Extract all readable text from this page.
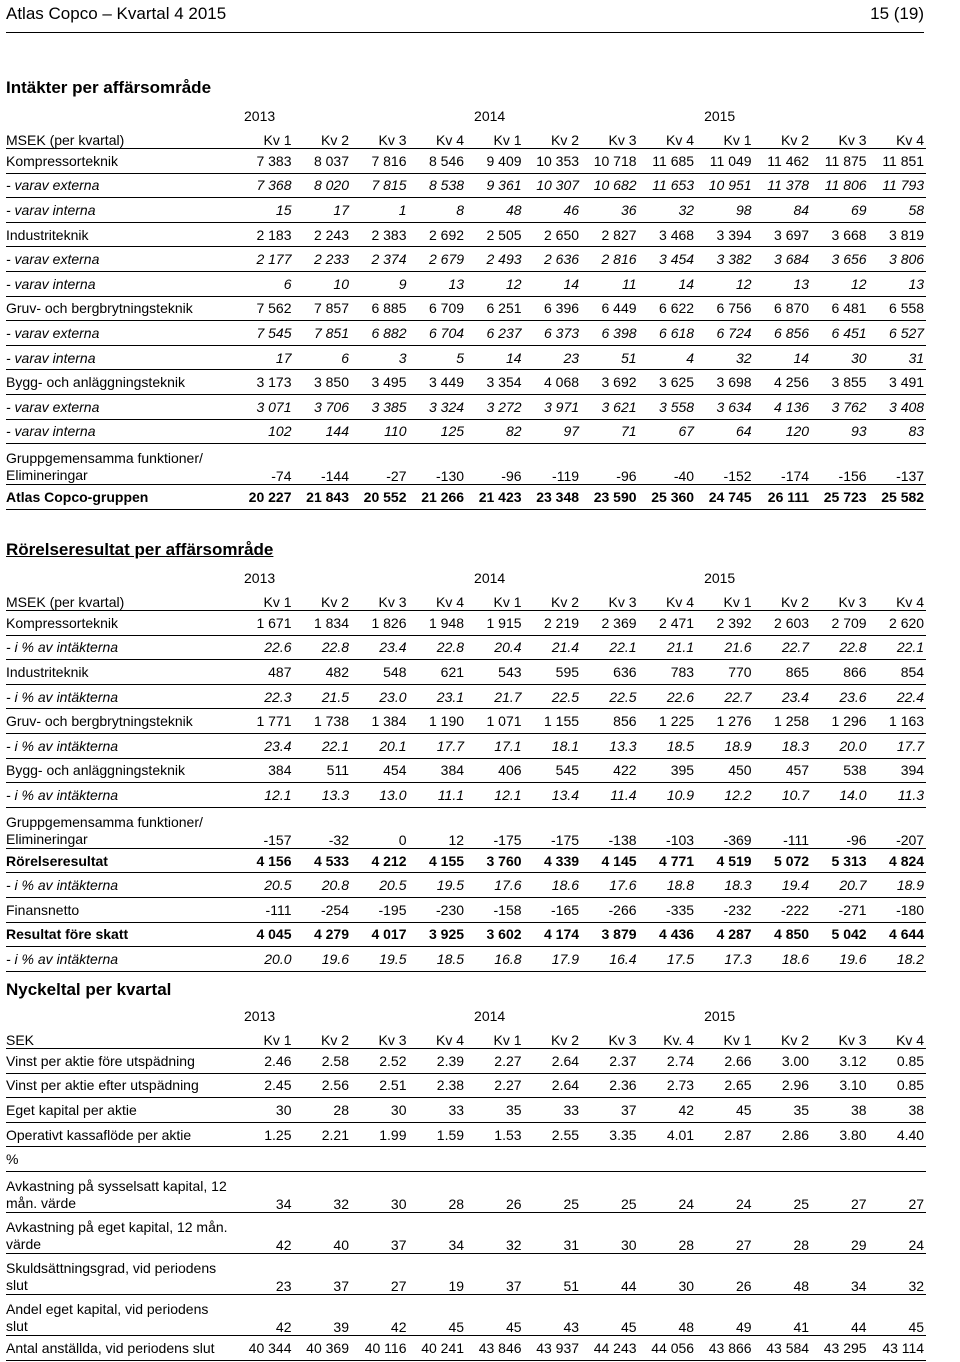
Atlas Copco – Kvartal 4 2015	15 (19)
Intäkter per affärsområde
	2013				2014				2015			
MSEK (per kvartal)	Kv 1	Kv 2	Kv 3	Kv 4	Kv 1	Kv 2	Kv 3	Kv 4	Kv 1	Kv 2	Kv 3	Kv 4
Kompressorteknik	7 383	8 037	7 816	8 546	9 409	10 353	10 718	11 685	11 049	11 462	11 875	11 851
- varav externa	7 368	8 020	7 815	8 538	9 361	10 307	10 682	11 653	10 951	11 378	11 806	11 793
- varav interna	15	17	1	8	48	46	36	32	98	84	69	58
Industriteknik	2 183	2 243	2 383	2 692	2 505	2 650	2 827	3 468	3 394	3 697	3 668	3 819
- varav externa	2 177	2 233	2 374	2 679	2 493	2 636	2 816	3 454	3 382	3 684	3 656	3 806
- varav interna	6	10	9	13	12	14	11	14	12	13	12	13
Gruv- och bergbrytningsteknik	7 562	7 857	6 885	6 709	6 251	6 396	6 449	6 622	6 756	6 870	6 481	6 558
- varav externa	7 545	7 851	6 882	6 704	6 237	6 373	6 398	6 618	6 724	6 856	6 451	6 527
- varav interna	17	6	3	5	14	23	51	4	32	14	30	31
Bygg- och anläggningsteknik	3 173	3 850	3 495	3 449	3 354	4 068	3 692	3 625	3 698	4 256	3 855	3 491
- varav externa	3 071	3 706	3 385	3 324	3 272	3 971	3 621	3 558	3 634	4 136	3 762	3 408
- varav interna	102	144	110	125	82	97	71	67	64	120	93	83
Gruppgemensamma funktioner/ Elimineringar	-74	-144	-27	-130	-96	-119	-96	-40	-152	-174	-156	-137
Atlas Copco-gruppen	20 227	21 843	20 552	21 266	21 423	23 348	23 590	25 360	24 745	26 111	25 723	25 582
Rörelseresultat per affärsområde
	2013				2014				2015			
MSEK (per kvartal)	Kv 1	Kv 2	Kv 3	Kv 4	Kv 1	Kv 2	Kv 3	Kv 4	Kv 1	Kv 2	Kv 3	Kv 4
Kompressorteknik	1 671	1 834	1 826	1 948	1 915	2 219	2 369	2 471	2 392	2 603	2 709	2 620
- i % av intäkterna	22.6	22.8	23.4	22.8	20.4	21.4	22.1	21.1	21.6	22.7	22.8	22.1
Industriteknik	487	482	548	621	543	595	636	783	770	865	866	854
- i % av intäkterna	22.3	21.5	23.0	23.1	21.7	22.5	22.5	22.6	22.7	23.4	23.6	22.4
Gruv- och bergbrytningsteknik	1 771	1 738	1 384	1 190	1 071	1 155	856	1 225	1 276	1 258	1 296	1 163
- i % av intäkterna	23.4	22.1	20.1	17.7	17.1	18.1	13.3	18.5	18.9	18.3	20.0	17.7
Bygg- och anläggningsteknik	384	511	454	384	406	545	422	395	450	457	538	394
- i % av intäkterna	12.1	13.3	13.0	11.1	12.1	13.4	11.4	10.9	12.2	10.7	14.0	11.3
Gruppgemensamma funktioner/ Elimineringar	-157	-32	0	12	-175	-175	-138	-103	-369	-111	-96	-207
Rörelseresultat	4 156	4 533	4 212	4 155	3 760	4 339	4 145	4 771	4 519	5 072	5 313	4 824
- i % av intäkterna	20.5	20.8	20.5	19.5	17.6	18.6	17.6	18.8	18.3	19.4	20.7	18.9
Finansnetto	-111	-254	-195	-230	-158	-165	-266	-335	-232	-222	-271	-180
Resultat före skatt	4 045	4 279	4 017	3 925	3 602	4 174	3 879	4 436	4 287	4 850	5 042	4 644
- i % av intäkterna	20.0	19.6	19.5	18.5	16.8	17.9	16.4	17.5	17.3	18.6	19.6	18.2
Nyckeltal per kvartal
	2013				2014				2015			
SEK	Kv 1	Kv 2	Kv 3	Kv 4	Kv 1	Kv 2	Kv 3	Kv. 4	Kv 1	Kv 2	Kv 3	Kv 4
Vinst per aktie före utspädning	2.46	2.58	2.52	2.39	2.27	2.64	2.37	2.74	2.66	3.00	3.12	0.85
Vinst per aktie efter utspädning	2.45	2.56	2.51	2.38	2.27	2.64	2.36	2.73	2.65	2.96	3.10	0.85
Eget kapital per aktie	30	28	30	33	35	33	37	42	45	35	38	38
Operativt kassaflöde per aktie	1.25	2.21	1.99	1.59	1.53	2.55	3.35	4.01	2.87	2.86	3.80	4.40
%												
Avkastning på sysselsatt kapital, 12 mån. värde	34	32	30	28	26	25	25	24	24	25	27	27
Avkastning på eget kapital, 12 mån. värde	42	40	37	34	32	31	30	28	27	28	29	24
Skuldsättningsgrad, vid periodens slut	23	37	27	19	37	51	44	30	26	48	34	32
Andel eget kapital, vid periodens slut	42	39	42	45	45	43	45	48	49	41	44	45
Antal anställda, vid periodens slut	40 344	40 369	40 116	40 241	43 846	43 937	44 243	44 056	43 866	43 584	43 295	43 114
